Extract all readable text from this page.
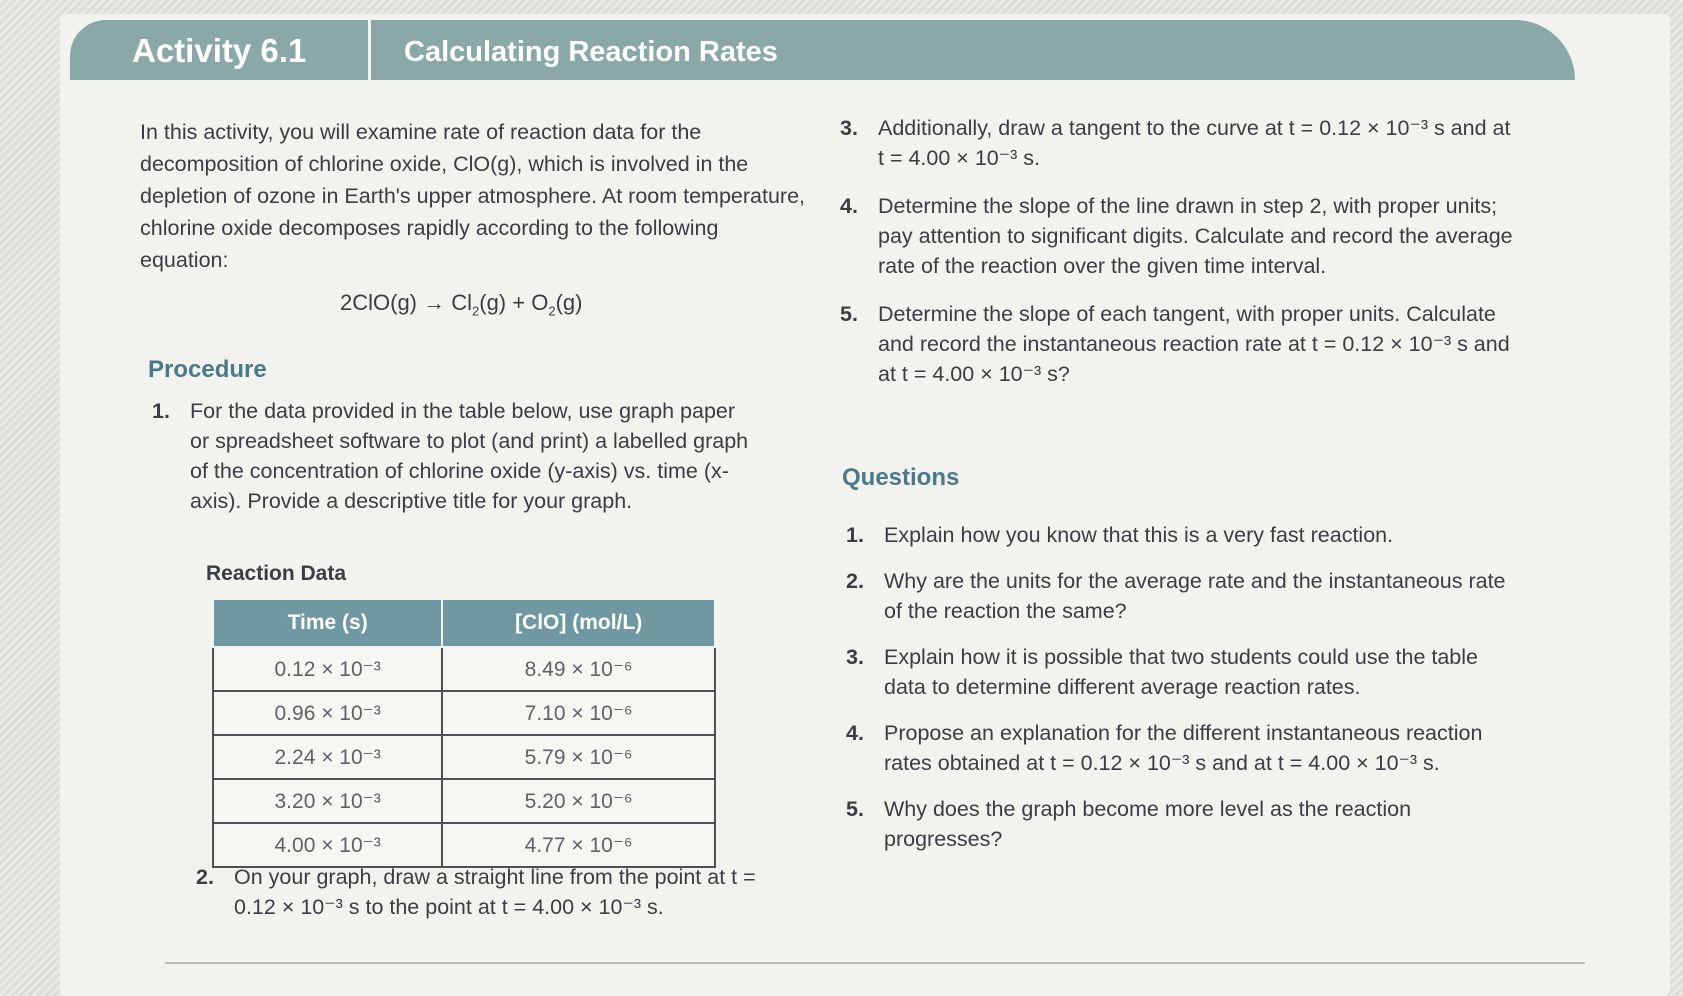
Activity 6.1	Calculating Reaction Rates

In this activity, you will examine rate of reaction data for the decomposition of chlorine oxide, ClO(g), which is involved in the depletion of ozone in Earth's upper atmosphere. At room temperature, chlorine oxide decomposes rapidly according to the following equation:

$2ClO(g) \to Cl_2(g) + O_2(g)$
Procedure
1. For the data provided in the table below, use graph paper or spreadsheet software to plot (and print) a labelled graph of the concentration of chlorine oxide (y-axis) vs. time (x-axis). Provide a descriptive title for your graph.
Reaction Data
Time (s)	[ClO] (mol/L)
0.12 × 10⁻³	8.49 × 10⁻⁶
0.96 × 10⁻³	7.10 × 10⁻⁶
2.24 × 10⁻³	5.79 × 10⁻⁶
3.20 × 10⁻³	5.20 × 10⁻⁶
4.00 × 10⁻³	4.77 × 10⁻⁶
2. On your graph, draw a straight line from the point at t = 0.12 × 10⁻³ s to the point at t = 4.00 × 10⁻³ s.
3. Additionally, draw a tangent to the curve at t = 0.12 × 10⁻³ s and at t = 4.00 × 10⁻³ s.
4. Determine the slope of the line drawn in step 2, with proper units; pay attention to significant digits. Calculate and record the average rate of the reaction over the given time interval.
5. Determine the slope of each tangent, with proper units. Calculate and record the instantaneous reaction rate at t = 0.12 × 10⁻³ s and at t = 4.00 × 10⁻³ s?
Questions
1. Explain how you know that this is a very fast reaction.
2. Why are the units for the average rate and the instantaneous rate of the reaction the same?
3. Explain how it is possible that two students could use the table data to determine different average reaction rates.
4. Propose an explanation for the different instantaneous reaction rates obtained at t = 0.12 × 10⁻³ s and at t = 4.00 × 10⁻³ s.
5. Why does the graph become more level as the reaction progresses?
